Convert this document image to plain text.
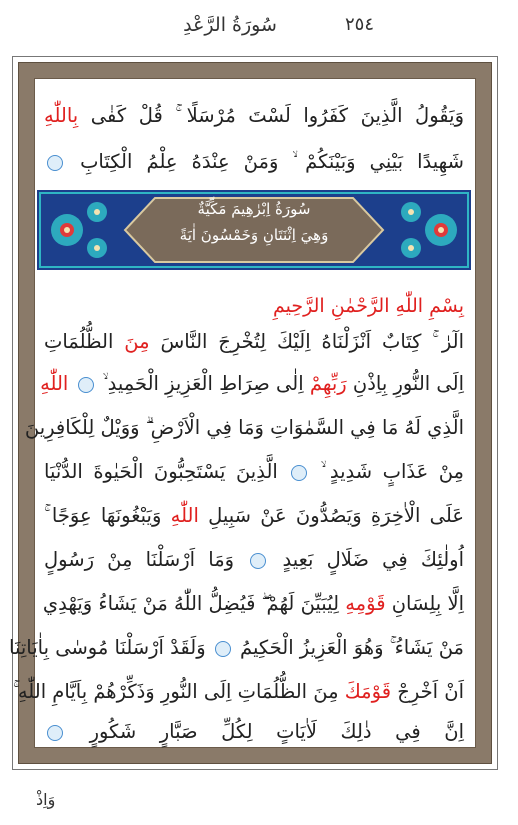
سُورَةُ الرَّعْدِ	٢٥٤
وَيَقُولُ الَّذِينَ كَفَرُوا لَسْتَ مُرْسَلًا ۚ قُلْ كَفٰى بِاللّٰهِ
شَهِيدًا بَيْنِي وَبَيْنَكُمْ ۙ وَمَنْ عِنْدَهُ عِلْمُ الْكِتَابِ
سُورَةُ اِبْرٰهِيمَ مَكِّيَّةٌ
وَهِيَ اِثْنَتَانِ وَخَمْسُونَ اٰيَةً
بِسْمِ اللّٰهِ الرَّحْمٰنِ الرَّحِيمِ
الٓرٰ ۚ كِتَابٌ اَنْزَلْنَاهُ اِلَيْكَ لِتُخْرِجَ النَّاسَ مِنَ الظُّلُمَاتِ
اِلَى النُّورِ بِاِذْنِ رَبِّهِمْ اِلٰى صِرَاطِ الْعَزِيزِ الْحَمِيدِ ۙ  اللّٰهِ
الَّذِي لَهُ مَا فِي السَّمٰوَاتِ وَمَا فِي الْاَرْضِ ۗ وَوَيْلٌ لِلْكَافِرِينَ
مِنْ عَذَابٍ شَدِيدٍ ۙ  الَّذِينَ يَسْتَحِبُّونَ الْحَيٰوةَ الدُّنْيَا
عَلَى الْاٰخِرَةِ وَيَصُدُّونَ عَنْ سَبِيلِ اللّٰهِ وَيَبْغُونَهَا عِوَجًا ۚ
اُولٰئِكَ فِي ضَلَالٍ بَعِيدٍ  وَمَا اَرْسَلْنَا مِنْ رَسُولٍ
اِلَّا بِلِسَانِ قَوْمِهِ لِيُبَيِّنَ لَهُمْ ۖ فَيُضِلُّ اللّٰهُ مَنْ يَشَاءُ وَيَهْدِي
مَنْ يَشَاءُ ۚ وَهُوَ الْعَزِيزُ الْحَكِيمُ  وَلَقَدْ اَرْسَلْنَا مُوسٰى بِاٰيَاتِنَا
اَنْ اَخْرِجْ قَوْمَكَ مِنَ الظُّلُمَاتِ اِلَى النُّورِ وَذَكِّرْهُمْ بِاَيَّامِ اللّٰهِ ۚ
اِنَّ فِي ذٰلِكَ لَاٰيَاتٍ لِكُلِّ صَبَّارٍ شَكُورٍ
وَاِذْ
